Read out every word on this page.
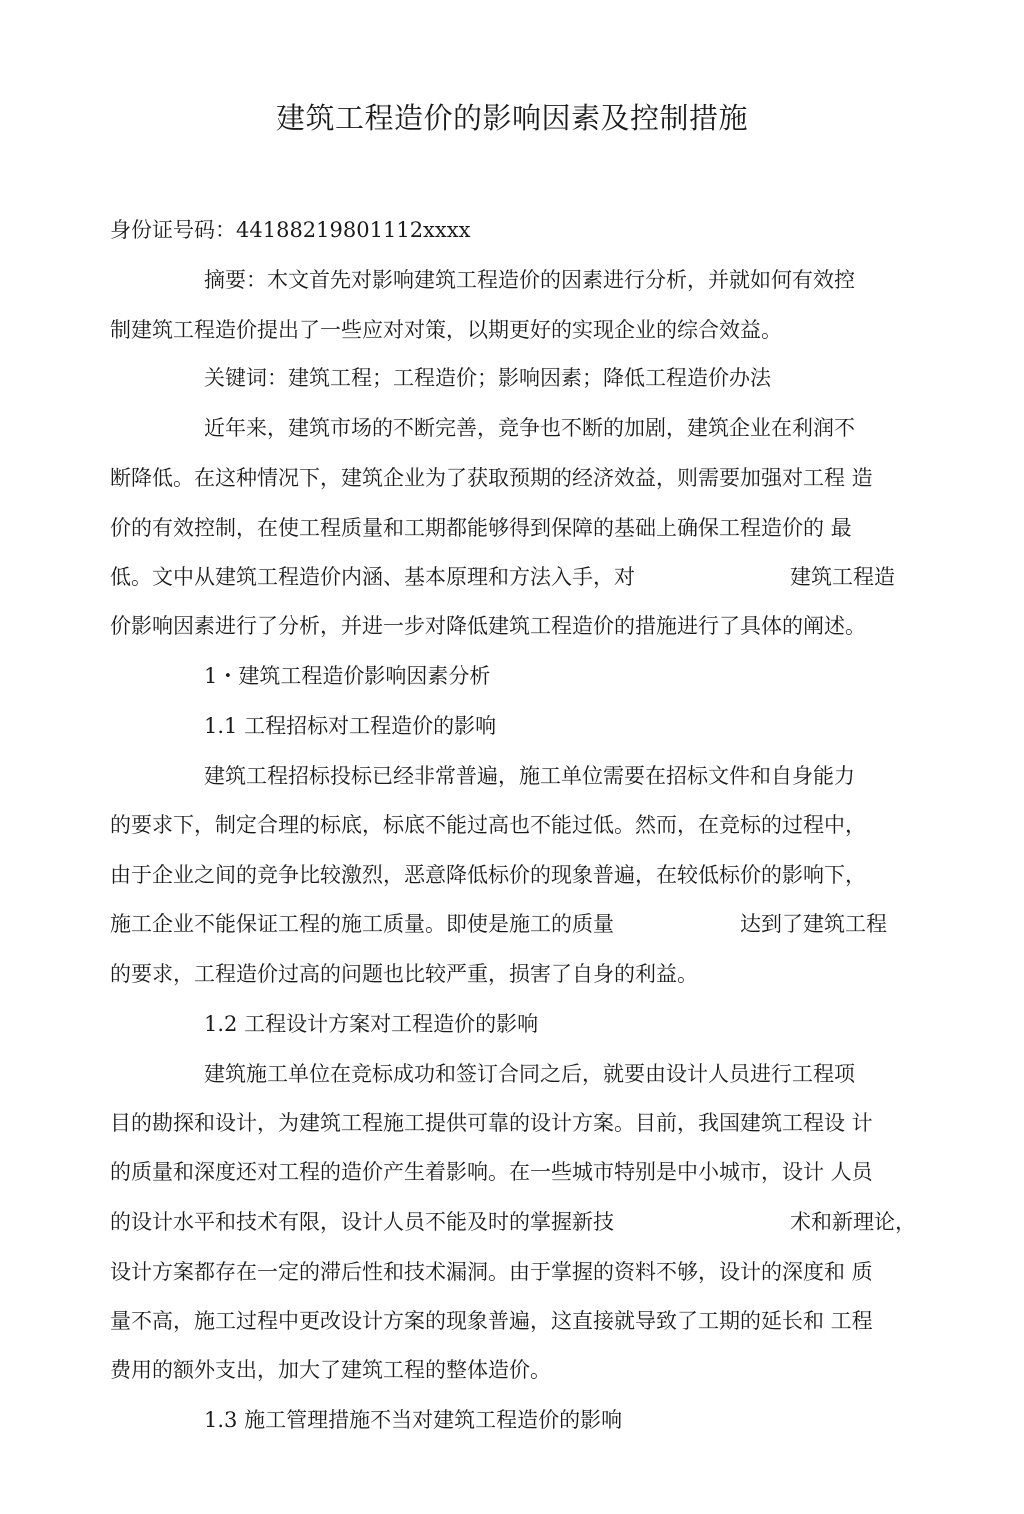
建筑工程造价的影响因素及控制措施

身份证号码：44188219801112xxxx

摘要：木文首先对影响建筑工程造价的因素进行分析，并就如何有效控

制建筑工程造价提出了一些应对对策，以期更好的实现企业的综合效益。

关键词：建筑工程；工程造价；影响因素；降低工程造价办法

近年来，建筑市场的不断完善，竞争也不断的加剧，建筑企业在利润不

断降低。在这种情况下，建筑企业为了获取预期的经济效益，则需要加强对工程 造

价的有效控制，在使工程质量和工期都能够得到保障的基础上确保工程造价的 最

低。文中从建筑工程造价内涵、基本原理和方法入手，对	建筑工程造

价影响因素进行了分析，并进一步对降低建筑工程造价的措施进行了具体的阐述。

1・建筑工程造价影响因素分析

1.1 工程招标对工程造价的影响

建筑工程招标投标已经非常普遍，施工单位需要在招标文件和自身能力

的要求下，制定合理的标底，标底不能过高也不能过低。然而，在竞标的过程中，

由于企业之间的竞争比较激烈，恶意降低标价的现象普遍，在较低标价的影响下，

施工企业不能保证工程的施工质量。即使是施工的质量	达到了建筑工程

的要求，工程造价过高的问题也比较严重，损害了自身的利益。

1.2 工程设计方案对工程造价的影响

建筑施工单位在竞标成功和签订合同之后，就要由设计人员进行工程项

目的勘探和设计，为建筑工程施工提供可靠的设计方案。目前，我国建筑工程设 计

的质量和深度还对工程的造价产生着影响。在一些城市特别是中小城市，设计 人员

的设计水平和技术有限，设计人员不能及时的掌握新技	术和新理论，

设计方案都存在一定的滞后性和技术漏洞。由于掌握的资料不够，设计的深度和 质

量不高，施工过程中更改设计方案的现象普遍，这直接就导致了工期的延长和 工程

费用的额外支出，加大了建筑工程的整体造价。

1.3 施工管理措施不当对建筑工程造价的影响
